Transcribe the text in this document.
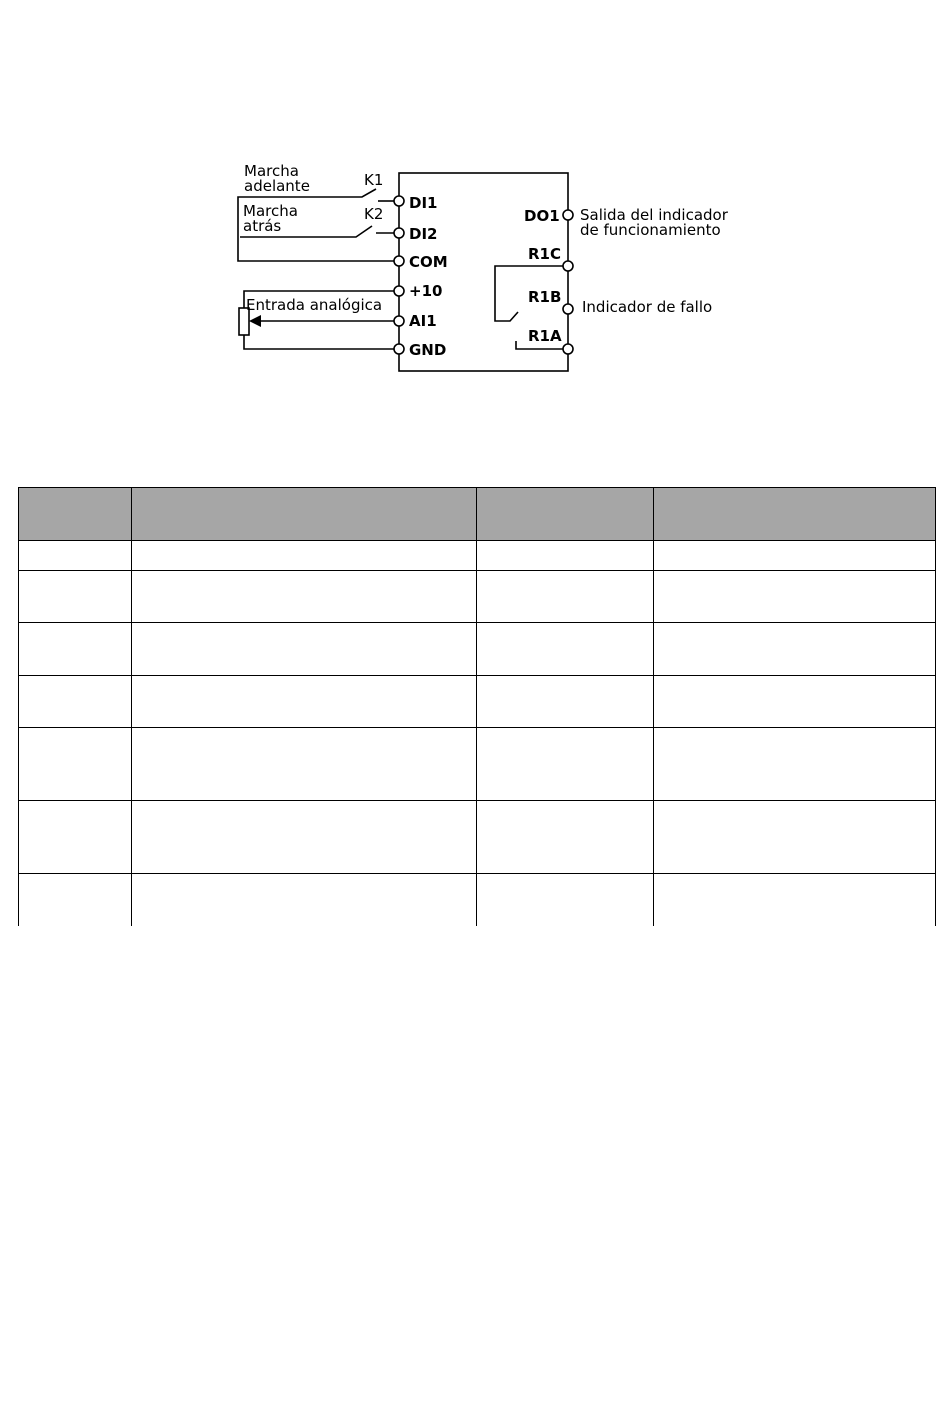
Marcha
adelante	K1
Marcha
atrás
K2
Entrada analógica
DI1
DI2
COM
+10
AI1
GND
DO1
R1C
R1B
R1A
Salida del indicador
de funcionamiento
Indicador de fallo
